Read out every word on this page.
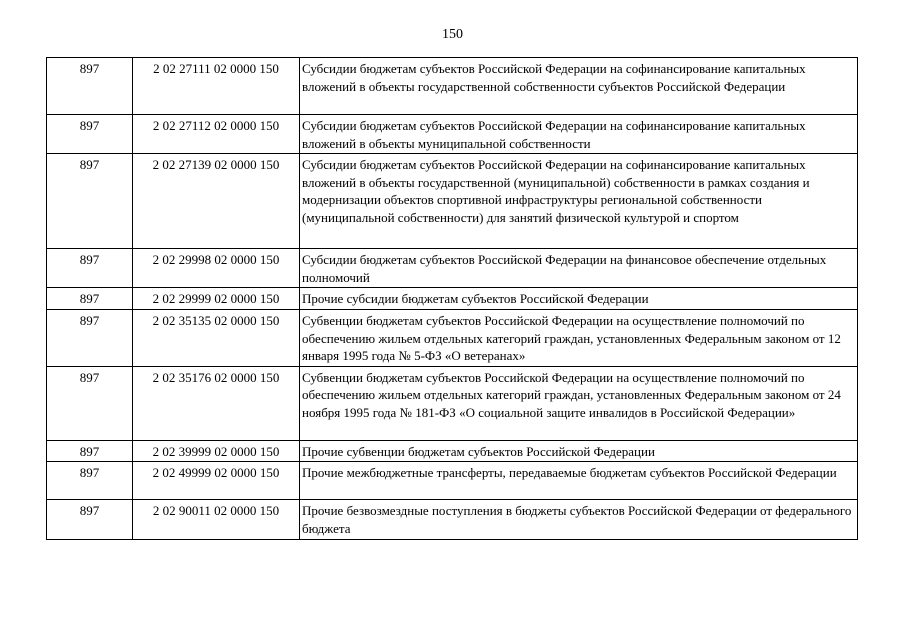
150
897	2 02 27111 02 0000 150	Субсидии бюджетам субъектов Российской Федерации на софинансирование капитальных вложений в объекты государственной собственности субъектов Российской Федерации
897	2 02 27112 02 0000 150	Субсидии бюджетам субъектов Российской Федерации на софинансирование капитальных вложений в объекты муниципальной собственности
897	2 02 27139 02 0000 150	Субсидии бюджетам субъектов Российской Федерации на софинансирование капитальных вложений в объекты государственной (муниципальной) собственности в рамках создания и модернизации объектов спортивной инфраструктуры региональной собственности (муниципальной собственности) для занятий физической культурой и спортом
897	2 02 29998 02 0000 150	Субсидии бюджетам субъектов Российской Федерации на финансовое обеспечение отдельных полномочий
897	2 02 29999 02 0000 150	Прочие субсидии бюджетам субъектов Российской Федерации
897	2 02 35135 02 0000 150	Субвенции бюджетам субъектов Российской Федерации на осуществление полномочий по обеспечению жильем отдельных категорий граждан, установленных Федеральным законом от 12 января 1995 года № 5-ФЗ «О ветеранах»
897	2 02 35176 02 0000 150	Субвенции бюджетам субъектов Российской Федерации на осуществление полномочий по обеспечению жильем отдельных категорий граждан, установленных Федеральным законом от 24 ноября 1995 года № 181-ФЗ «О социальной защите инвалидов в Российской Федерации»
897	2 02 39999 02 0000 150	Прочие субвенции бюджетам субъектов Российской Федерации
897	2 02 49999 02 0000 150	Прочие межбюджетные трансферты, передаваемые бюджетам субъектов Российской Федерации
897	2 02 90011 02 0000 150	Прочие безвозмездные поступления в бюджеты субъектов Российской Федерации от федерального бюджета
